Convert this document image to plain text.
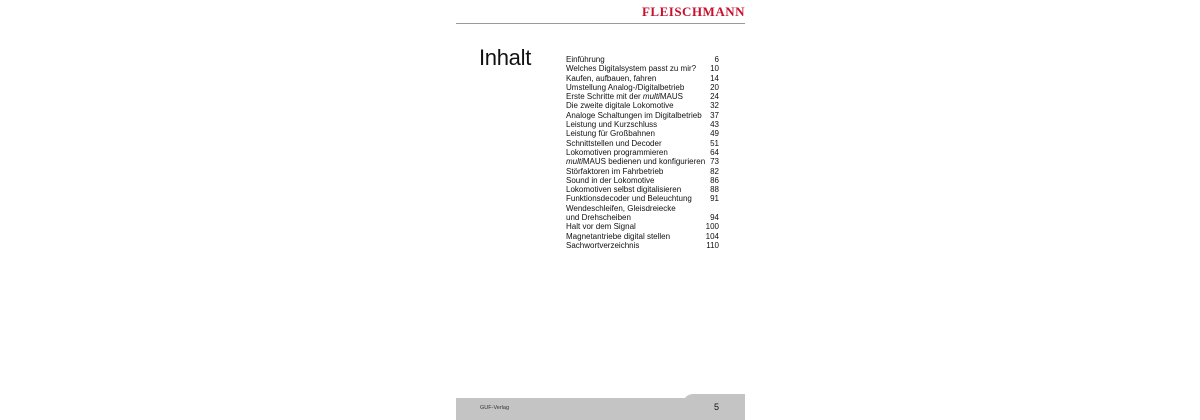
FLEISCHMANN
Inhalt	Einführung	6
Welches Digitalsystem passt zu mir? 10
Kaufen, aufbauen, fahren	14
Umstellung Analog-/Digitalbetrieb	20
Erste Schritte mit der multiMAUS	24
Die zweite digitale Lokomotive	32
Analoge Schaltungen im Digitalbetrieb 37
Leistung und Kurzschluss	43
Leistung für Großbahnen	49
Schnittstellen und Decoder	51
Lokomotiven programmieren	64
multiMAUS bedienen und konfigurieren 73
Störfaktoren im Fahrbetrieb	82
Sound in der Lokomotive	86
Lokomotiven selbst digitalisieren	88
Funktionsdecoder und Beleuchtung 91
Wendeschleifen, Gleisdreiecke
und Drehscheiben	94
Halt vor dem Signal	100
Magnetantriebe digital stellen	104
Sachwortverzeichnis	110
GUF-Verlag	5
